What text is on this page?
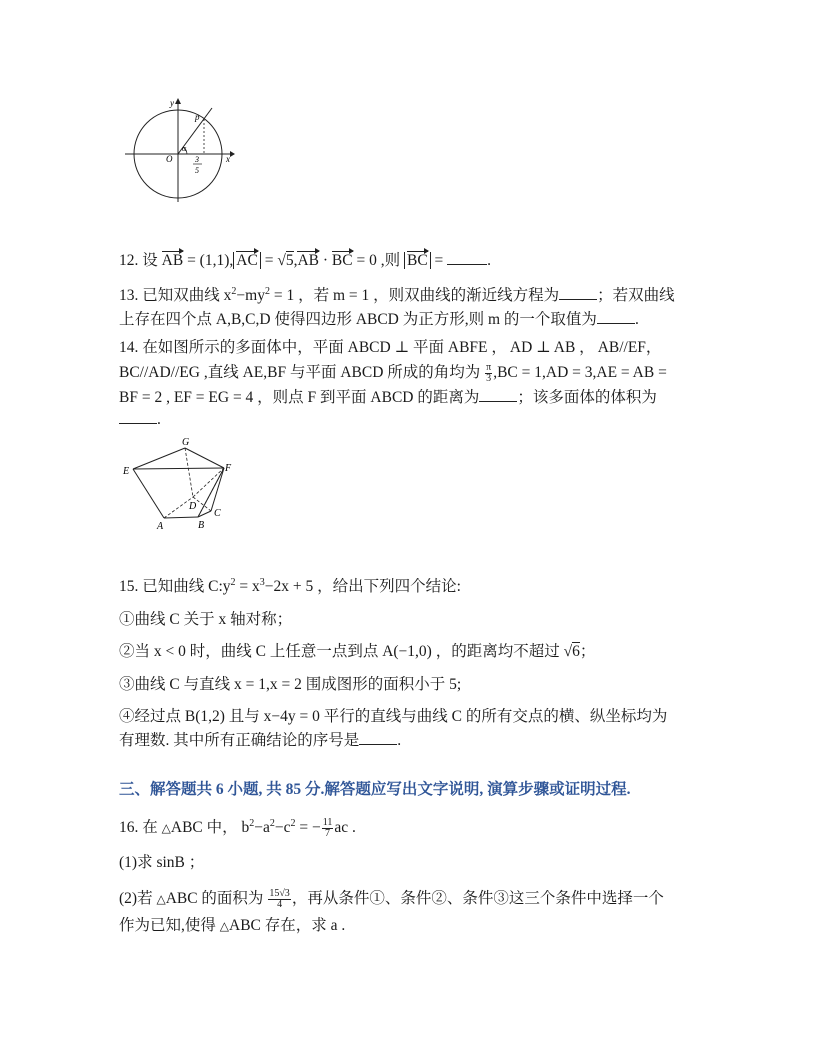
y
x
p
O
α
3
5
12. 设 AB = (1,1), AC = √5,AB · BC = 0 ,则 BC =	.
13. 已知双曲线 $x^2-my^2 = 1$ ，若 m = 1 ，则双曲线的渐近线方程为 ；若双曲线
上存在四个点 A,B,C,D 使得四边形 ABCD 为正方形,则 m 的一个取值为 .
14. 在如图所示的多面体中，平面 ABCD ⊥ 平面 ABFE ， AD ⊥ AB ， AB//EF，
BC//AD//EG ,直线 AE,BF 与平面 ABCD 所成的角均为 $\frac{\pi}{3} ,BC = 1,AD = 3,AE$ = AB =
BF = 2 , EF = EG = 4 ，则点 F 到平面 ABCD 的距离为 ；该多面体的体积为
.
G
E	F
D
C
A	B
15. 已知曲线 $C:y^2 = x^3-2x + 5$ ，给出下列四个结论:
①曲线 C 关于 x 轴对称；
②当 x < 0 时，曲线 C 上任意一点到点 A(−1,0) ，的距离均不超过 √6；
③曲线 C 与直线 x = 1,x = 2 围成图形的面积小于 5;
④经过点 B(1,2) 且与 x−4y = 0 平行的直线与曲线 C 的所有交点的横、纵坐标均为
有理数. 其中所有正确结论的序号是 .
三、解答题共 6 小题, 共 85 分.解答题应写出文字说明, 演算步骤或证明过程.
16. 在 △ABC 中， $b^2-a^2-c^2$ = − $\frac{11}{7}$ ac .
(1)求 sinB ；
(2)若 △ABC 的面积为 $\frac{15√3}{4}$ ，再从条件①、条件②、条件③这三个条件中选择一个
作为已知,使得 △ABC 存在，求 a .
